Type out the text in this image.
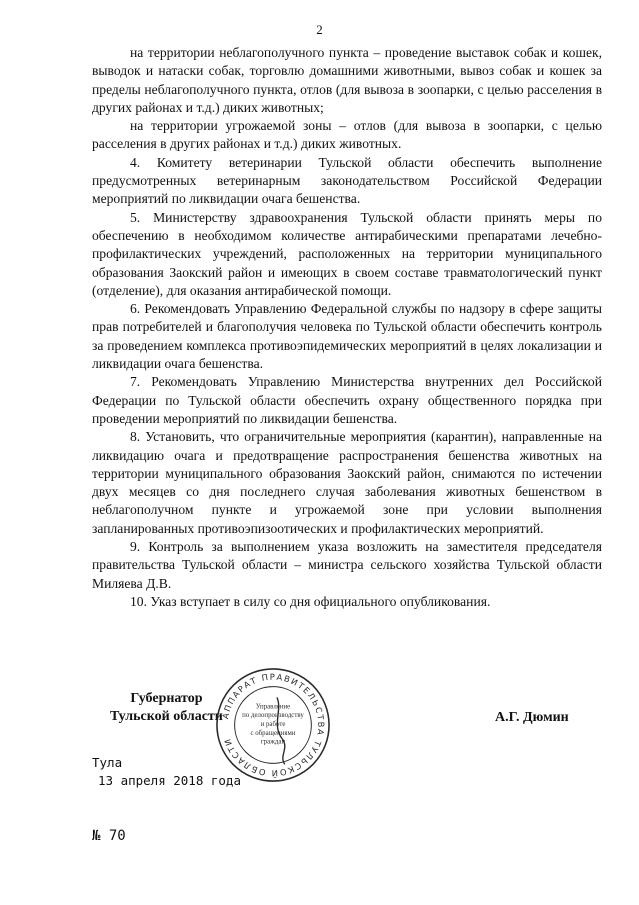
2

на территории неблагополучного пункта – проведение выставок собак и кошек, выводок и натаски собак, торговлю домашними животными, вывоз собак и кошек за пределы неблагополучного пункта, отлов (для вывоза в зоопарки, с целью расселения в других районах и т.д.) диких животных;

на территории угрожаемой зоны – отлов (для вывоза в зоопарки, с целью расселения в других районах и т.д.) диких животных.

4. Комитету ветеринарии Тульской области обеспечить выполнение предусмотренных ветеринарным законодательством Российской Федерации мероприятий по ликвидации очага бешенства.

5. Министерству здравоохранения Тульской области принять меры по обеспечению в необходимом количестве антирабическими препаратами лечебно-профилактических учреждений, расположенных на территории муниципального образования Заокский район и имеющих в своем составе травматологический пункт (отделение), для оказания антирабической помощи.

6. Рекомендовать Управлению Федеральной службы по надзору в сфере защиты прав потребителей и благополучия человека по Тульской области обеспечить контроль за проведением комплекса противоэпидемических мероприятий в целях локализации и ликвидации очага бешенства.

7. Рекомендовать Управлению Министерства внутренних дел Российской Федерации по Тульской области обеспечить охрану общественного порядка при проведении мероприятий по ликвидации бешенства.

8. Установить, что ограничительные мероприятия (карантин), направленные на ликвидацию очага и предотвращение распространения бешенства животных на территории муниципального образования Заокский район, снимаются по истечении двух месяцев со дня последнего случая заболевания животных бешенством в неблагополучном пункте и угрожаемой зоне при условии выполнения запланированных противоэпизоотических и профилактических мероприятий.

9. Контроль за выполнением указа возложить на заместителя председателя правительства Тульской области – министра сельского хозяйства Тульской области Миляева Д.В.

10. Указ вступает в силу со дня официального опубликования.

Губернатор
Тульской области
АППАРАТ ПРАВИТЕЛЬСТВА ТУЛЬСКОЙ ОБЛАСТИ
Управление
по делопроизводству
и работе
с обращениями
граждан
А.Г. Дюмин
Тула
13 апреля 2018 года
№ 70
